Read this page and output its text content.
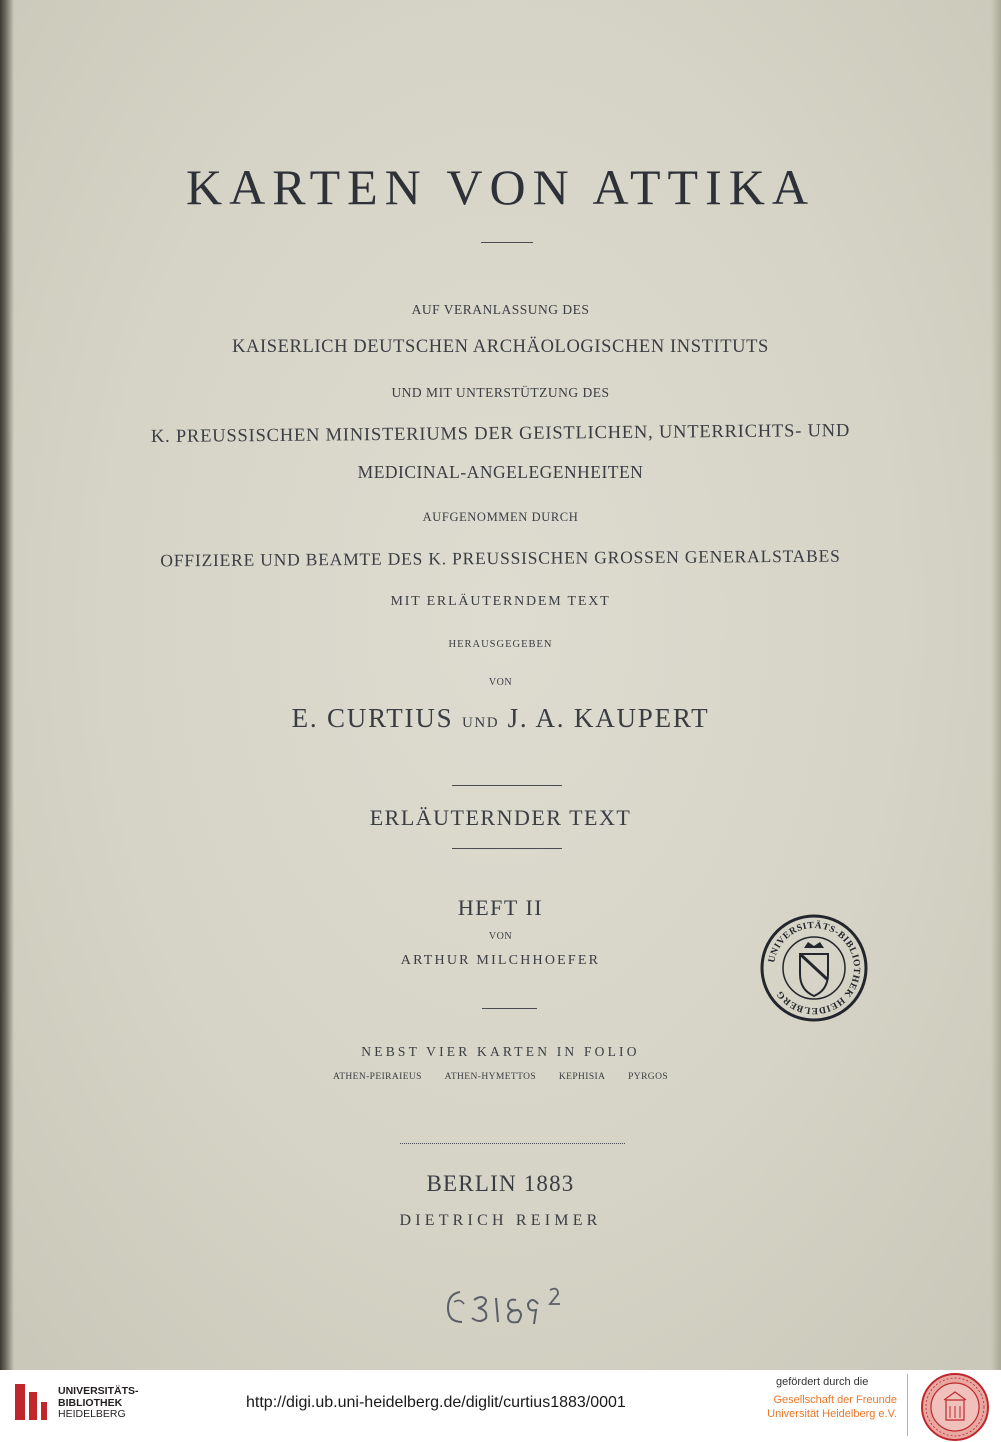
KARTEN VON ATTIKA
AUF VERANLASSUNG DES
KAISERLICH DEUTSCHEN ARCHÄOLOGISCHEN INSTITUTS
UND MIT UNTERSTÜTZUNG DES
K. PREUSSISCHEN MINISTERIUMS DER GEISTLICHEN, UNTERRICHTS- UND
MEDICINAL-ANGELEGENHEITEN
AUFGENOMMEN DURCH
OFFIZIERE UND BEAMTE DES K. PREUSSISCHEN GROSSEN GENERALSTABES
MIT ERLÄUTERNDEM TEXT
HERAUSGEGEBEN
VON
E. CURTIUS UND J. A. KAUPERT
ERLÄUTERNDER TEXT
HEFT II
VON
ARTHUR MILCHHOEFER
NEBST VIER KARTEN IN FOLIO
ATHEN-PEIRAIEUS ATHEN-HYMETTOS KEPHISIA PYRGOS
BERLIN 1883
DIETRICH REIMER
UNIVERSITÄTS-BIBLIOTHEK HEIDELBERG
UNIVERSITÄTS-
BIBLIOTHEK
HEIDELBERG
http://digi.ub.uni-heidelberg.de/diglit/curtius1883/0001
gefördert durch die
Gesellschaft der Freunde
Universität Heidelberg e.V.
